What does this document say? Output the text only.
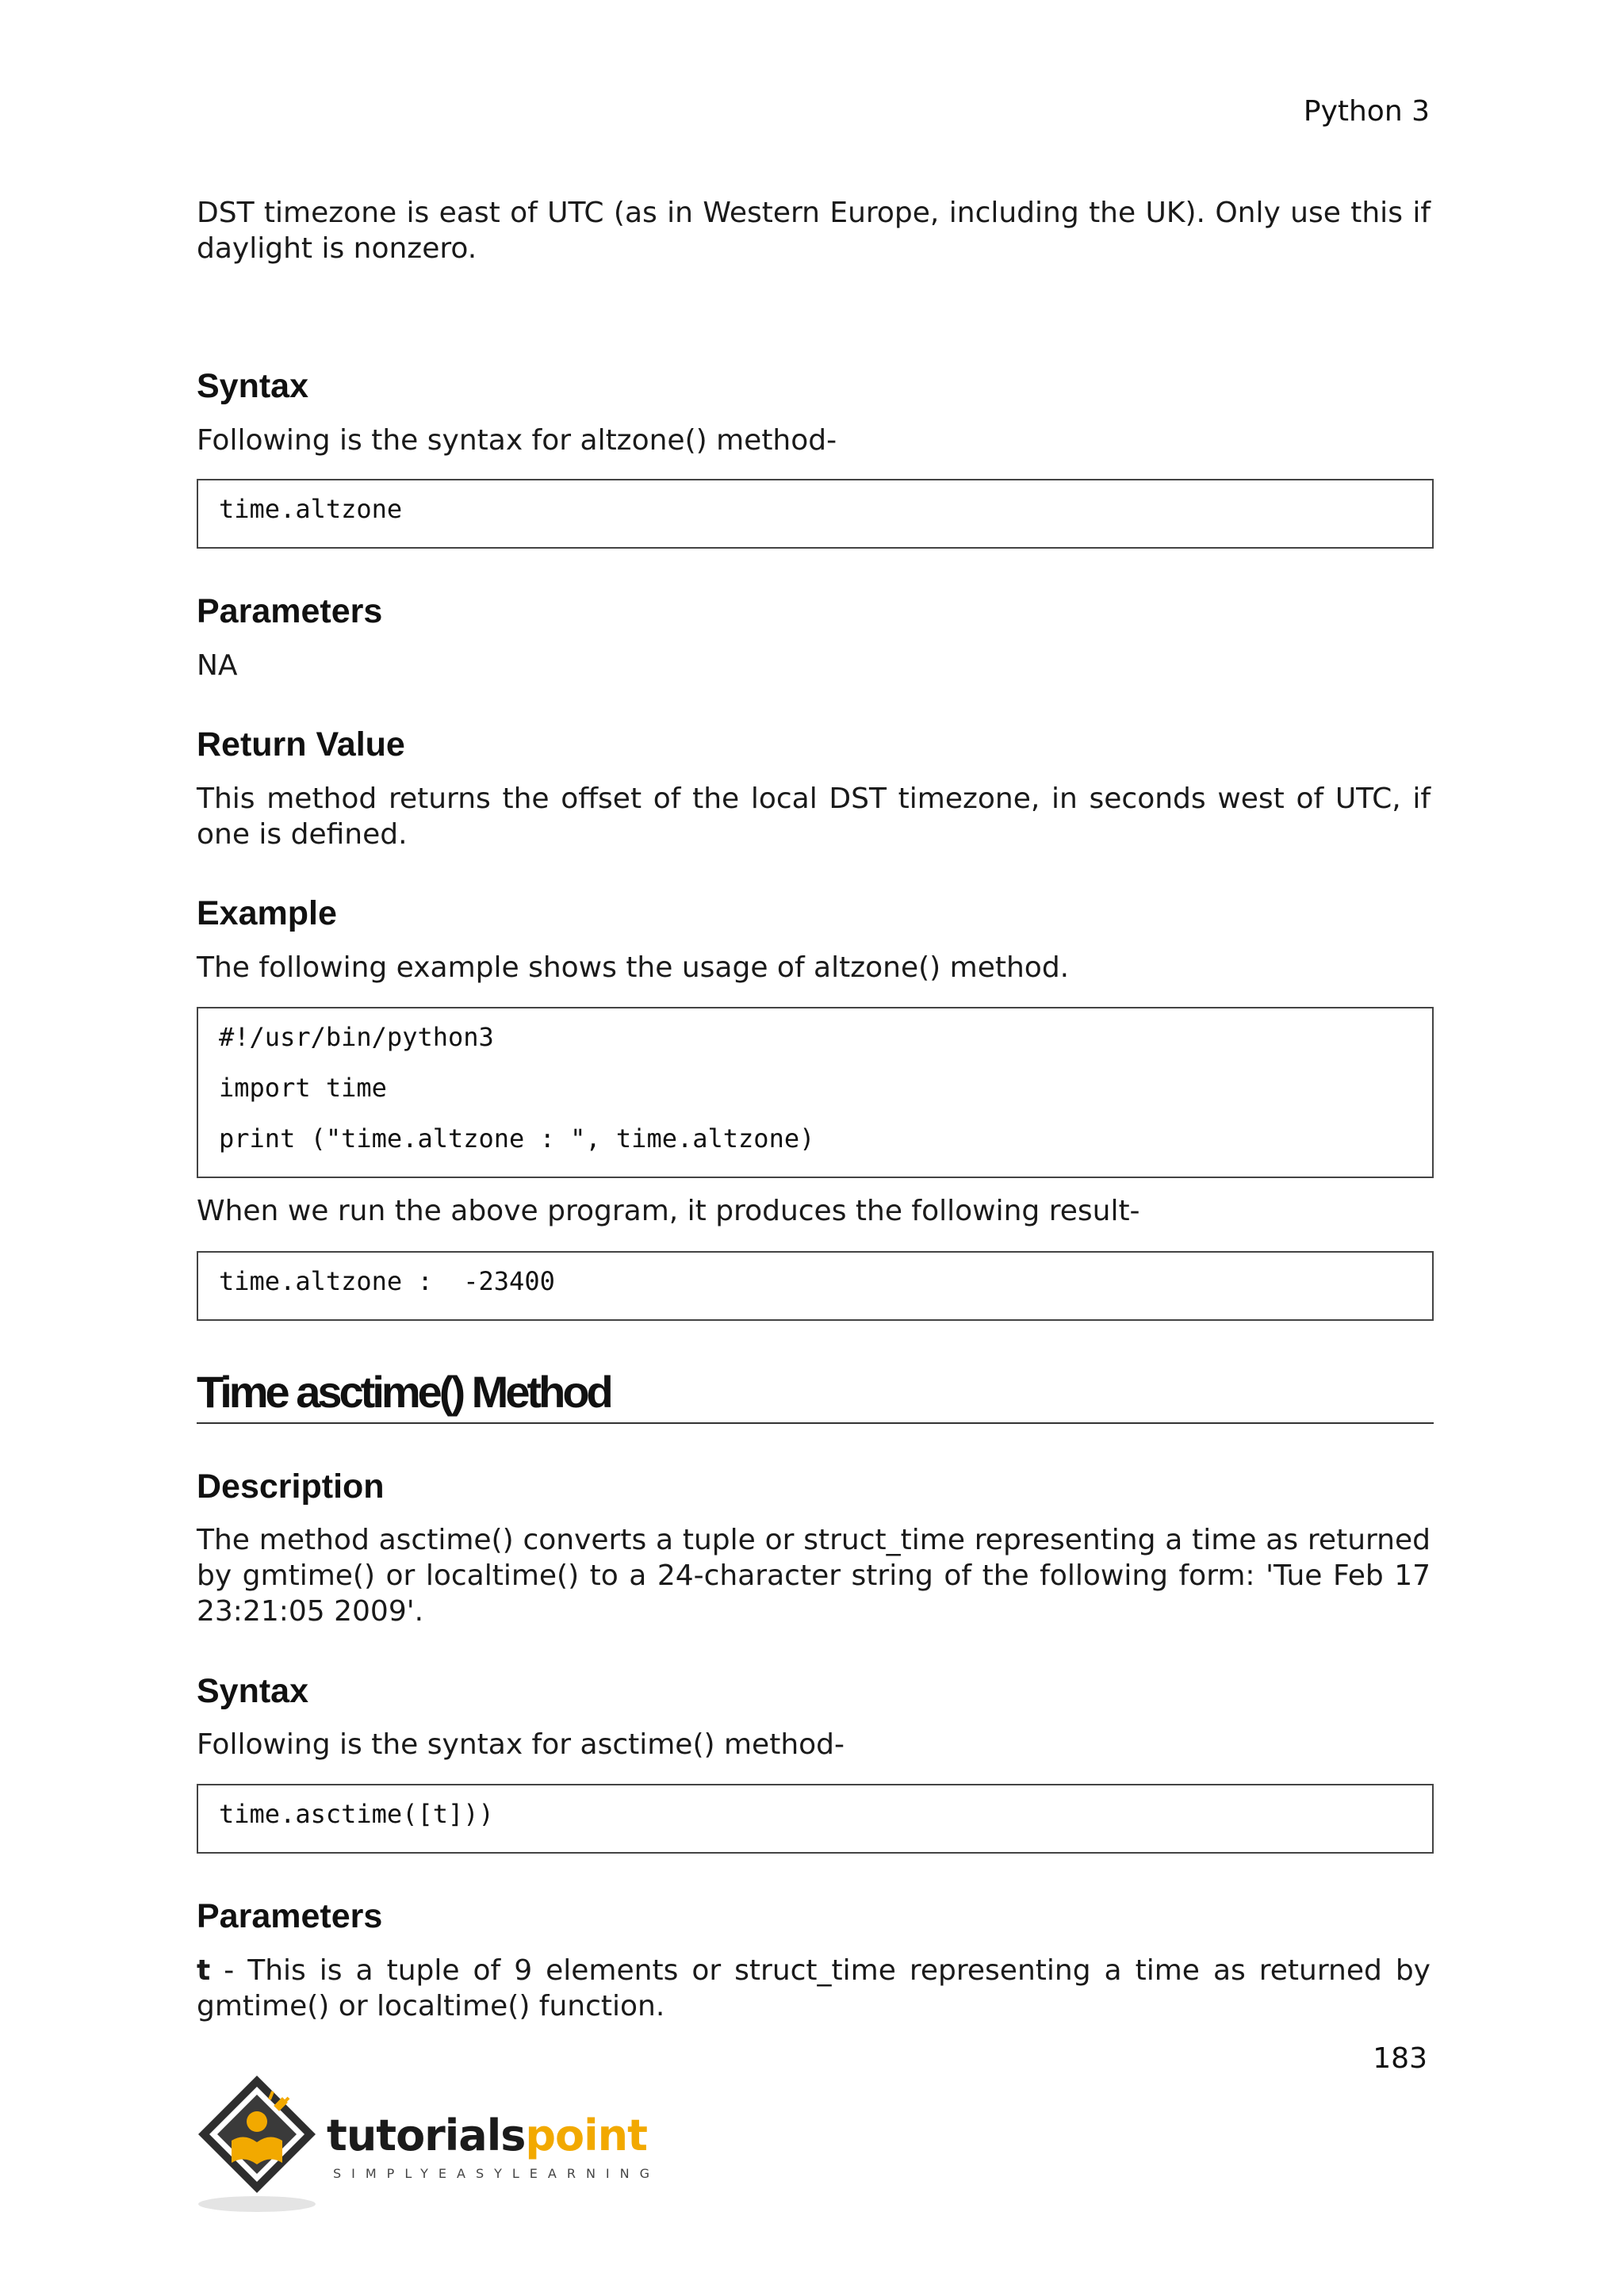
Python 3

DST timezone is east of UTC (as in Western Europe, including the UK). Only use this if daylight is nonzero.

Syntax

Following is the syntax for altzone() method-

time.altzone
Parameters

NA

Return Value

This method returns the offset of the local DST timezone, in seconds west of UTC, if one is defined.

Example

The following example shows the usage of altzone() method.

#!/usr/bin/python3
import time
print ("time.altzone : ", time.altzone)

When we run the above program, it produces the following result-

time.altzone :  -23400
Time asctime() Method
Description

The method asctime() converts a tuple or struct_time representing a time as returned by gmtime() or localtime() to a 24-character string of the following form: 'Tue Feb 17 23:21:05 2009'.

Syntax

Following is the syntax for asctime() method-

time.asctime([t]))
Parameters

t - This is a tuple of 9 elements or struct_time representing a time as returned by gmtime() or localtime() function.

183
tutorialspoint
SIMPLYEASYLEARNING
